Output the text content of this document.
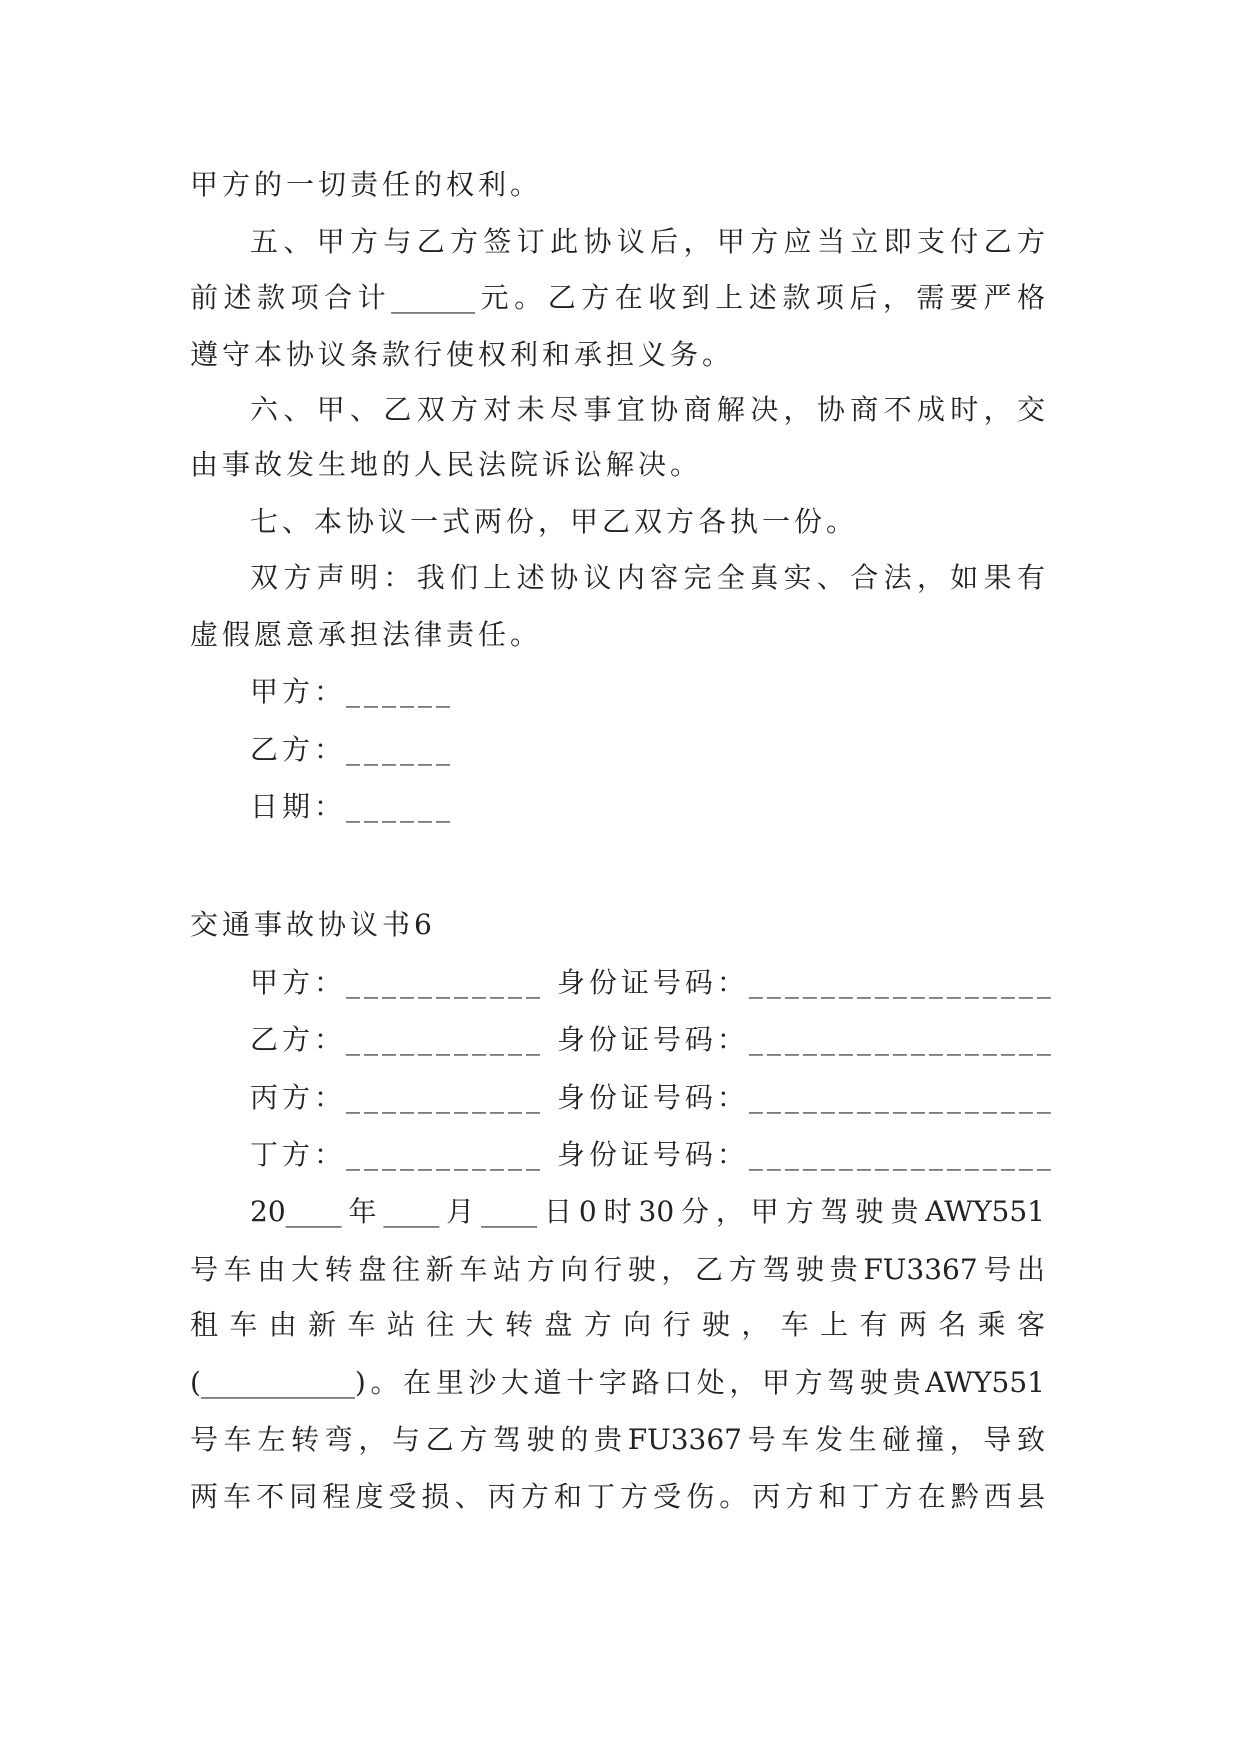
甲方的一切责任的权利。
五、甲方与乙方签订此协议后，甲方应当立即支付乙方
前述款项合计______元。乙方在收到上述款项后，需要严格
遵守本协议条款行使权利和承担义务。
六、甲、乙双方对未尽事宜协商解决，协商不成时，交
由事故发生地的人民法院诉讼解决。
七、本协议一式两份，甲乙双方各执一份。
双方声明：我们上述协议内容完全真实、合法，如果有
虚假愿意承担法律责任。
甲方：______
乙方：______
日期：______
交通事故协议书6
甲方：___________ 身份证号码：_________________
乙方：___________ 身份证号码：_________________
丙方：___________ 身份证号码：_________________
丁方：___________ 身份证号码：_________________
20____年____月____日0时30分，甲方驾驶贵AWY551
号车由大转盘往新车站方向行驶，乙方驾驶贵FU3367号出
租车由新车站往大转盘方向行驶，车上有两名乘客
(___________)。在里沙大道十字路口处，甲方驾驶贵AWY551
号车左转弯，与乙方驾驶的贵FU3367号车发生碰撞，导致
两车不同程度受损、丙方和丁方受伤。丙方和丁方在黔西县
